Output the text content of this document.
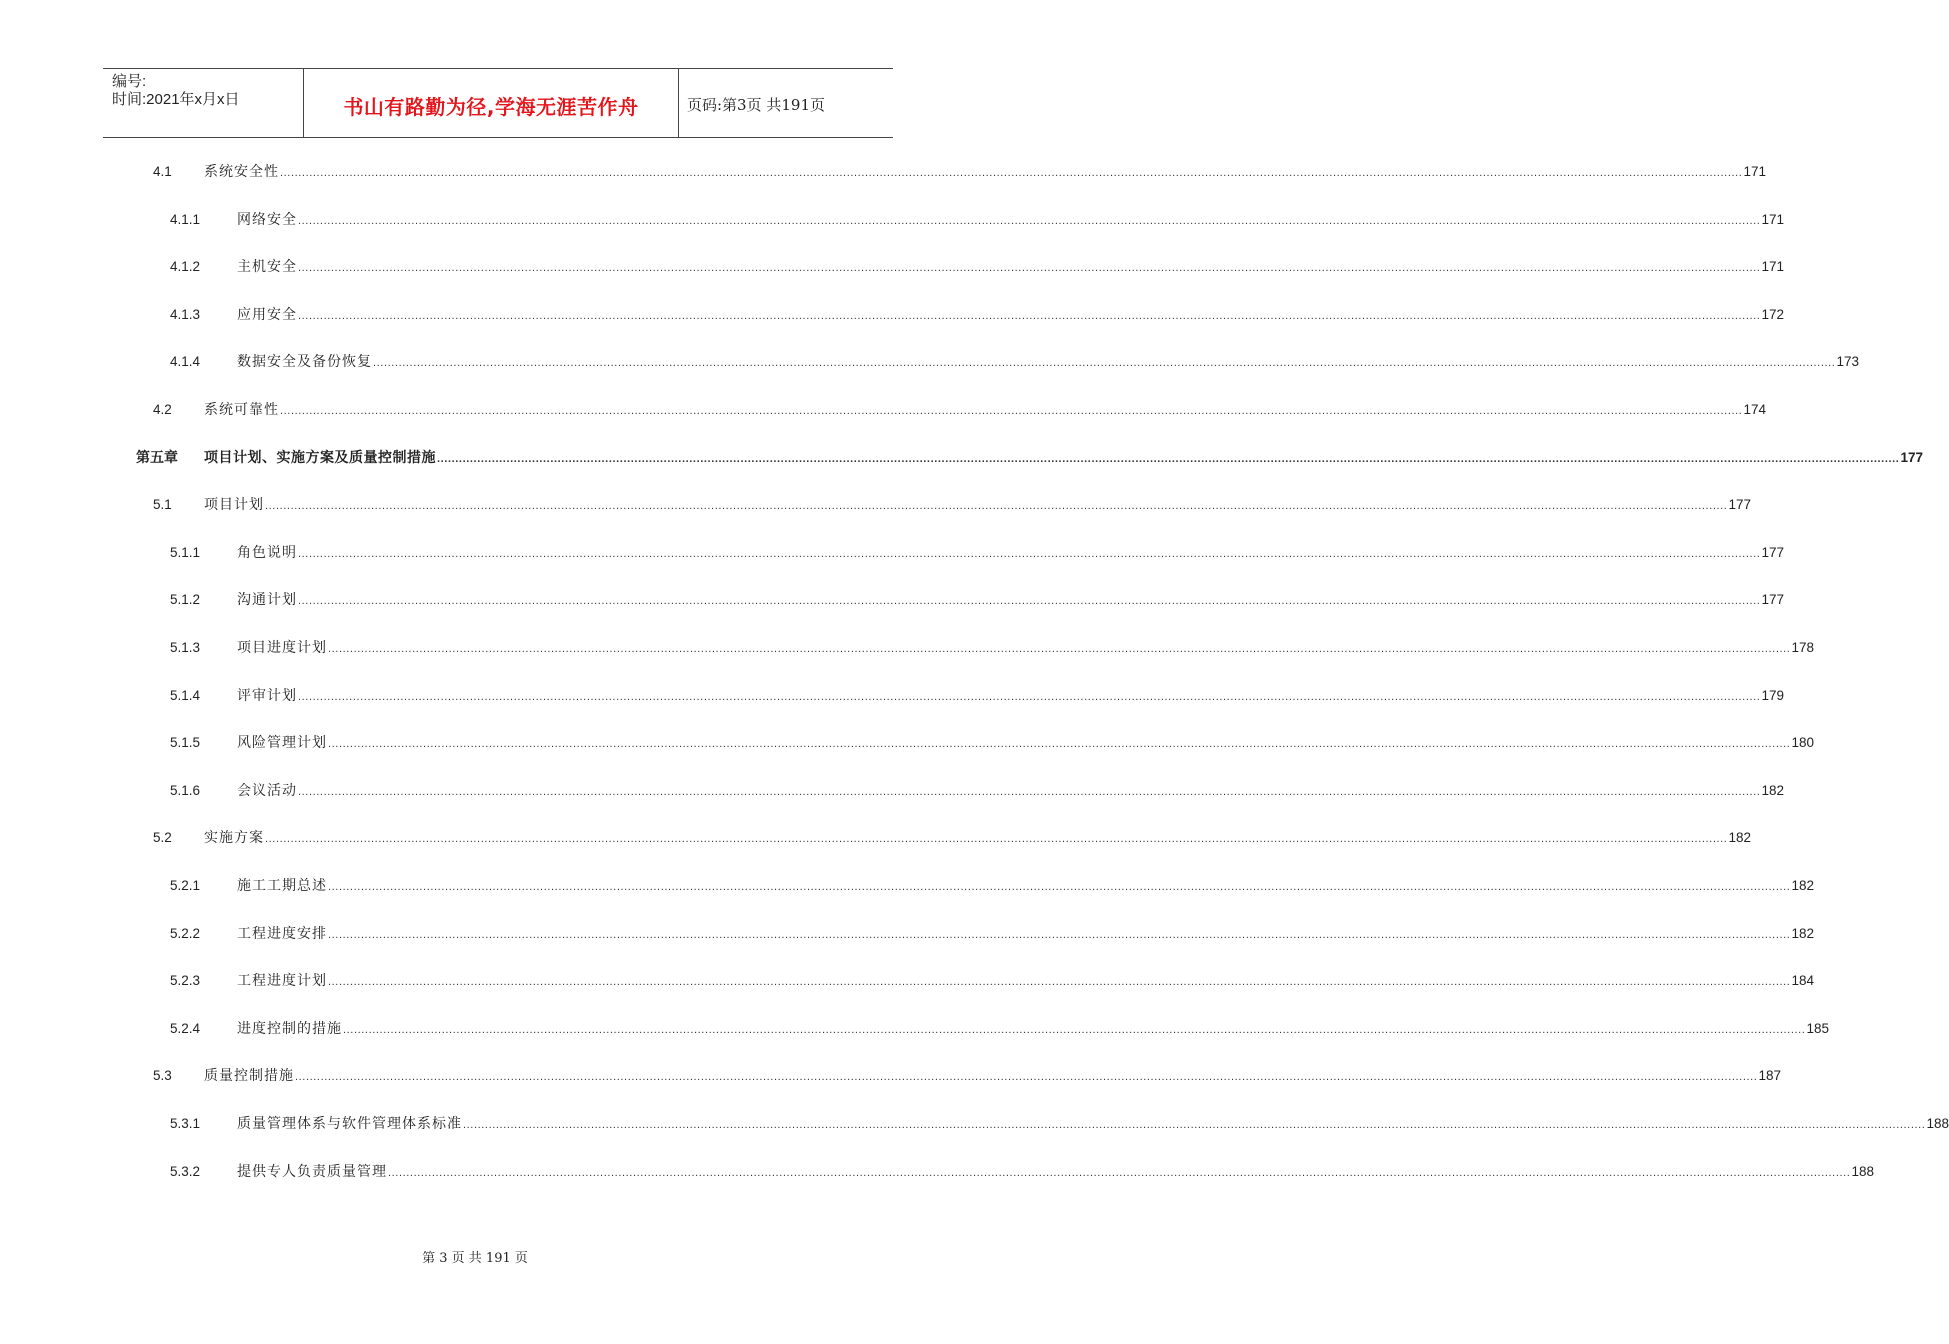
编号:
时间:2021年x月x日	书山有路勤为径,学海无涯苦作舟	页码:第3页 共191页
4.1	系统安全性 ................................................................................................................................................................................................................................................................................................................................................................................................................ 171
4.1.1	网络安全 ................................................................................................................................................................................................................................................................................................................................................................................................................ 171
4.1.2	主机安全 ................................................................................................................................................................................................................................................................................................................................................................................................................ 171
4.1.3	应用安全 ................................................................................................................................................................................................................................................................................................................................................................................................................ 172
4.1.4	数据安全及备份恢复 ................................................................................................................................................................................................................................................................................................................................................................................................................ 173
4.2	系统可靠性 ................................................................................................................................................................................................................................................................................................................................................................................................................ 174
第五章	项目计划、实施方案及质量控制措施 ................................................................................................................................................................................................................................................................................................................................................................................................................ 177
5.1	项目计划 ................................................................................................................................................................................................................................................................................................................................................................................................................ 177
5.1.1	角色说明 ................................................................................................................................................................................................................................................................................................................................................................................................................ 177
5.1.2	沟通计划 ................................................................................................................................................................................................................................................................................................................................................................................................................ 177
5.1.3	项目进度计划 ................................................................................................................................................................................................................................................................................................................................................................................................................ 178
5.1.4	评审计划 ................................................................................................................................................................................................................................................................................................................................................................................................................ 179
5.1.5	风险管理计划 ................................................................................................................................................................................................................................................................................................................................................................................................................ 180
5.1.6	会议活动 ................................................................................................................................................................................................................................................................................................................................................................................................................ 182
5.2	实施方案 ................................................................................................................................................................................................................................................................................................................................................................................................................ 182
5.2.1	施工工期总述 ................................................................................................................................................................................................................................................................................................................................................................................................................ 182
5.2.2	工程进度安排 ................................................................................................................................................................................................................................................................................................................................................................................................................ 182
5.2.3	工程进度计划 ................................................................................................................................................................................................................................................................................................................................................................................................................ 184
5.2.4	进度控制的措施 ................................................................................................................................................................................................................................................................................................................................................................................................................ 185
5.3	质量控制措施 ................................................................................................................................................................................................................................................................................................................................................................................................................ 187
5.3.1	质量管理体系与软件管理体系标准 ................................................................................................................................................................................................................................................................................................................................................................................................................ 188
5.3.2	提供专人负责质量管理 ................................................................................................................................................................................................................................................................................................................................................................................................................ 188
第 3 页 共 191 页
